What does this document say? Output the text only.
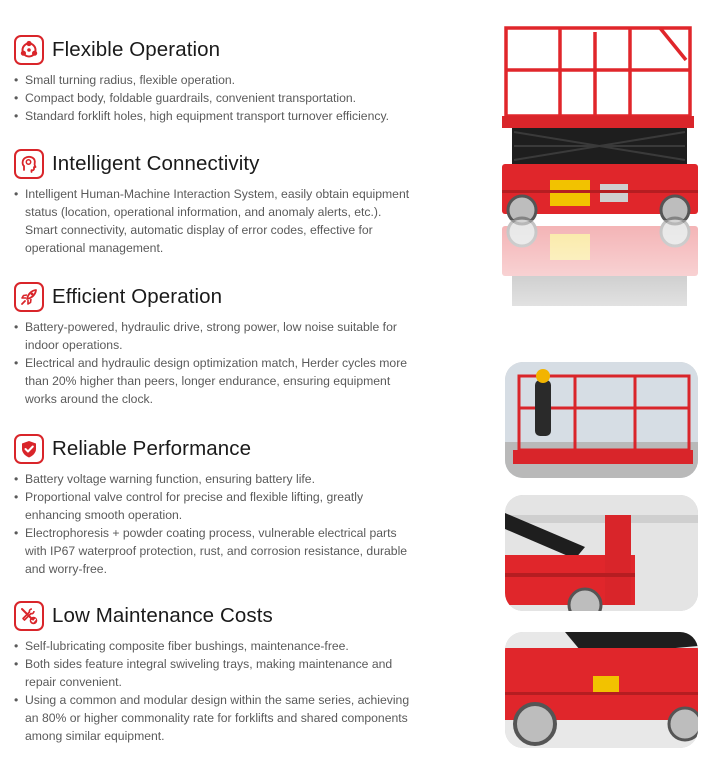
Flexible Operation
• Small turning radius, flexible operation.
• Compact body, foldable guardrails, convenient transportation.
• Standard forklift holes, high equipment transport turnover efficiency.
Intelligent Connectivity
• Intelligent Human-Machine Interaction System, easily obtain equipment status (location, operational information, and anomaly alerts, etc.). Smart connectivity, automatic display of error codes, effective for operational management.
Efficient Operation
• Battery-powered, hydraulic drive, strong power, low noise suitable for indoor operations.
• Electrical and hydraulic design optimization match, Herder cycles more than 20% higher than peers, longer endurance, ensuring equipment works around the clock.
Reliable Performance
• Battery voltage warning function, ensuring battery life.
• Proportional valve control for precise and flexible lifting, greatly enhancing smooth operation.
• Electrophoresis + powder coating process, vulnerable electrical parts with IP67 waterproof protection, rust, and corrosion resistance, durable and worry-free.
Low Maintenance Costs
• Self-lubricating composite fiber bushings, maintenance-free.
• Both sides feature integral swiveling trays, making maintenance and repair convenient.
• Using a common and modular design within the same series, achieving an 80% or higher commonality rate for forklifts and shared components among similar equipment.
